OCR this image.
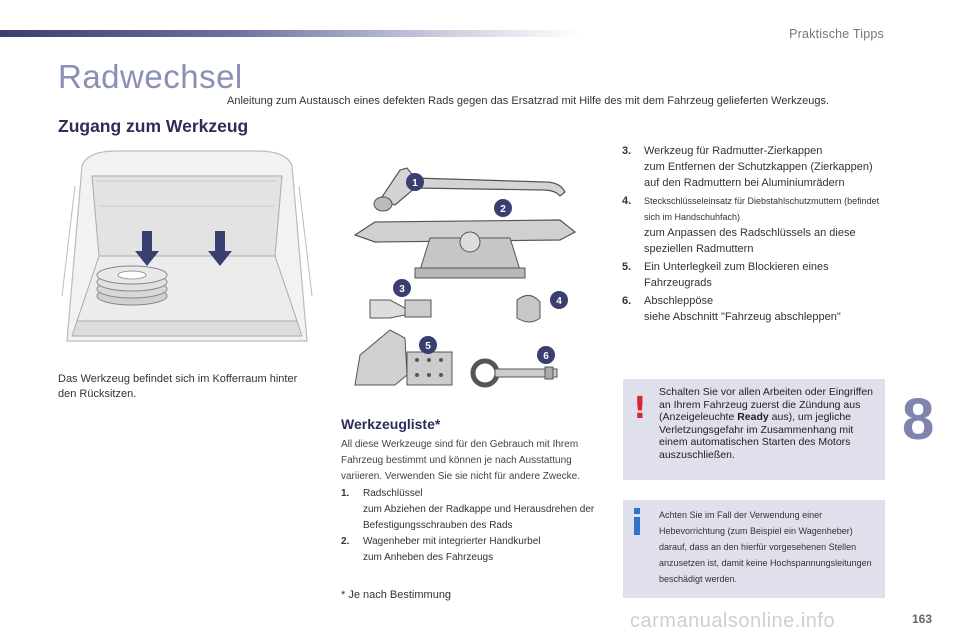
Praktische Tipps
Radwechsel
Anleitung zum Austausch eines defekten Rads gegen das Ersatzrad mit Hilfe des mit dem Fahrzeug gelieferten Werkzeugs.
Zugang zum Werkzeug
Das Werkzeug befindet sich im Kofferraum hinter den Rücksitzen.
1
2
3
4
5
6
Werkzeugliste*
All diese Werkzeuge sind für den Gebrauch mit Ihrem Fahrzeug bestimmt und können je nach Ausstattung variieren. Verwenden Sie sie nicht für andere Zwecke.
1.	Radschlüssel
zum Abziehen der Radkappe und Herausdrehen der Befestigungsschrauben des Rads
2.	Wagenheber mit integrierter Handkurbel
zum Anheben des Fahrzeugs
* Je nach Bestimmung
3.	Werkzeug für Radmutter-Zierkappen
zum Entfernen der Schutzkappen (Zierkappen) auf den Radmuttern bei Aluminiumrädern
4.	Steckschlüsseleinsatz für Diebstahlschutzmuttern (befindet sich im Handschuhfach)
zum Anpassen des Radschlüssels an diese speziellen Radmuttern
5.	Ein Unterlegkeil zum Blockieren eines Fahrzeugrads
6.	Abschleppöse
siehe Abschnitt "Fahrzeug abschleppen"
! Schalten Sie vor allen Arbeiten oder Eingriffen an Ihrem Fahrzeug zuerst die Zündung aus (Anzeigeleuchte Ready aus), um jegliche Verletzungsgefahr im Zusammenhang mit einem automatischen Starten des Motors auszuschließen.
Achten Sie im Fall der Verwendung einer Hebevorrichtung (zum Beispiel ein Wagenheber) darauf, dass an den hierfür vorgesehenen Stellen anzusetzen ist, damit keine Hochspannungsleitungen beschädigt werden.
8
carmanualsonline.info	163
